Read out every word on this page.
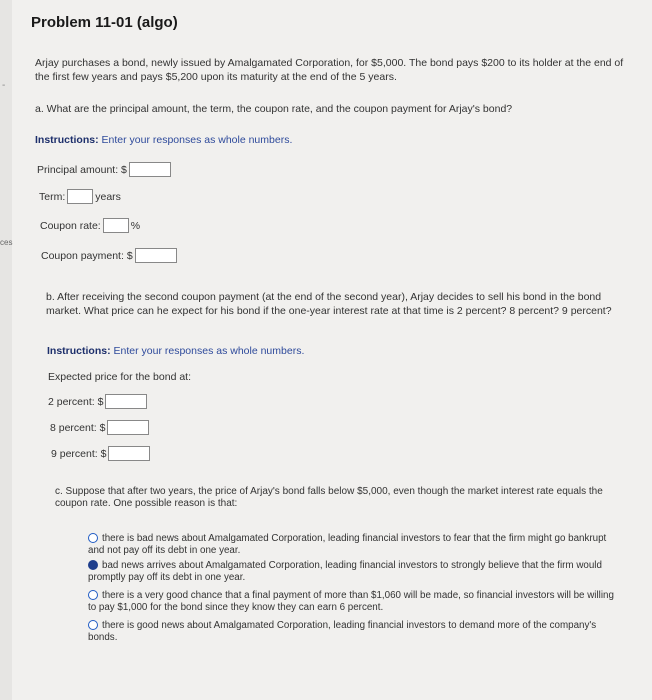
-
ces
Problem 11-01 (algo)
Arjay purchases a bond, newly issued by Amalgamated Corporation, for $5,000. The bond pays $200 to its holder at the end of the first few years and pays $5,200 upon its maturity at the end of the 5 years.
a. What are the principal amount, the term, the coupon rate, and the coupon payment for Arjay's bond?
Instructions: Enter your responses as whole numbers.
Principal amount:
$
Term:	years
Coupon rate:	%
Coupon payment:
$
b. After receiving the second coupon payment (at the end of the second year), Arjay decides to sell his bond in the bond market. What price can he expect for his bond if the one-year interest rate at that time is 2 percent? 8 percent? 9 percent?
Instructions: Enter your responses as whole numbers.
Expected price for the bond at:
2 percent:
$
8 percent:
$
9 percent:
$
c. Suppose that after two years, the price of Arjay's bond falls below $5,000, even though the market interest rate equals the coupon rate. One possible reason is that:
there is bad news about Amalgamated Corporation, leading financial investors to fear that the firm might go bankrupt and not pay off its debt in one year.
bad news arrives about Amalgamated Corporation, leading financial investors to strongly believe that the firm would promptly pay off its debt in one year.
there is a very good chance that a final payment of more than $1,060 will be made, so financial investors will be willing to pay $1,000 for the bond since they know they can earn 6 percent.
there is good news about Amalgamated Corporation, leading financial investors to demand more of the company's bonds.
